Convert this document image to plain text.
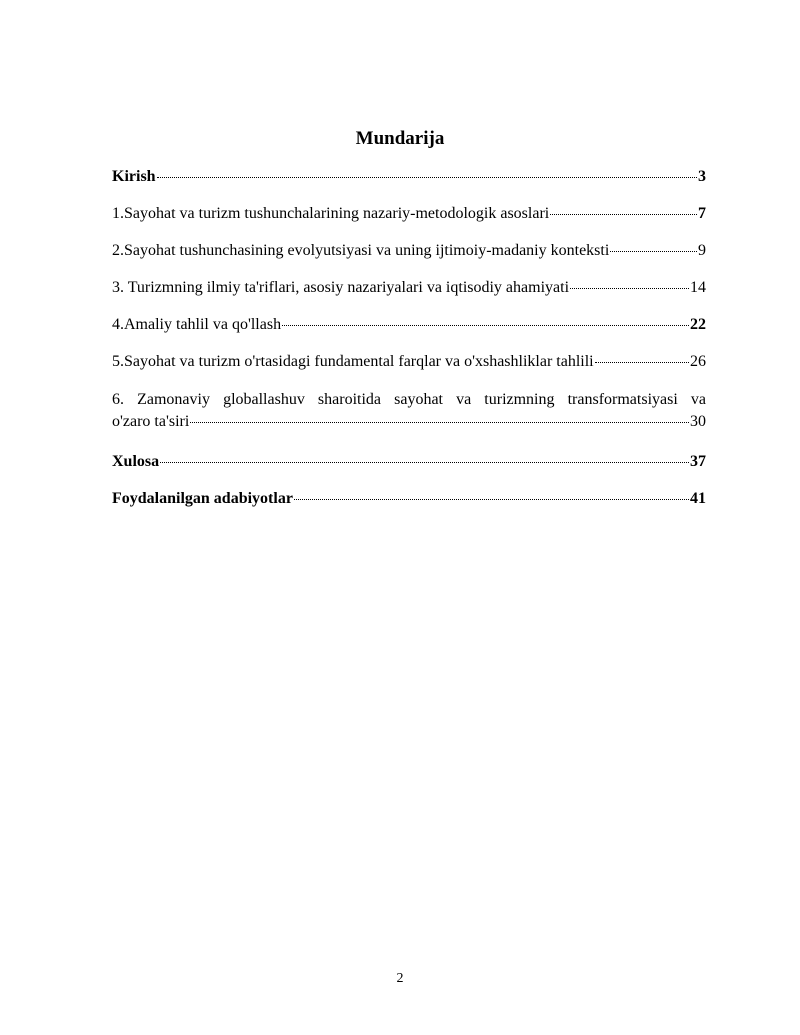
Mundarija
Kirish	3
1.Sayohat va turizm tushunchalarining nazariy-metodologik asoslari	7
2.Sayohat tushunchasining evolyutsiyasi va uning ijtimoiy-madaniy konteksti	9
3. Turizmning ilmiy ta'riflari, asosiy nazariyalari va iqtisodiy ahamiyati	14
4.Amaliy tahlil va qo'llash	22
5.Sayohat va turizm o'rtasidagi fundamental farqlar va o'xshashliklar tahlili	26
6. Zamonaviy globallashuv sharoitida sayohat va turizmning transformatsiyasi va
o'zaro ta'siri	30
Xulosa	37
Foydalanilgan adabiyotlar	41
2
